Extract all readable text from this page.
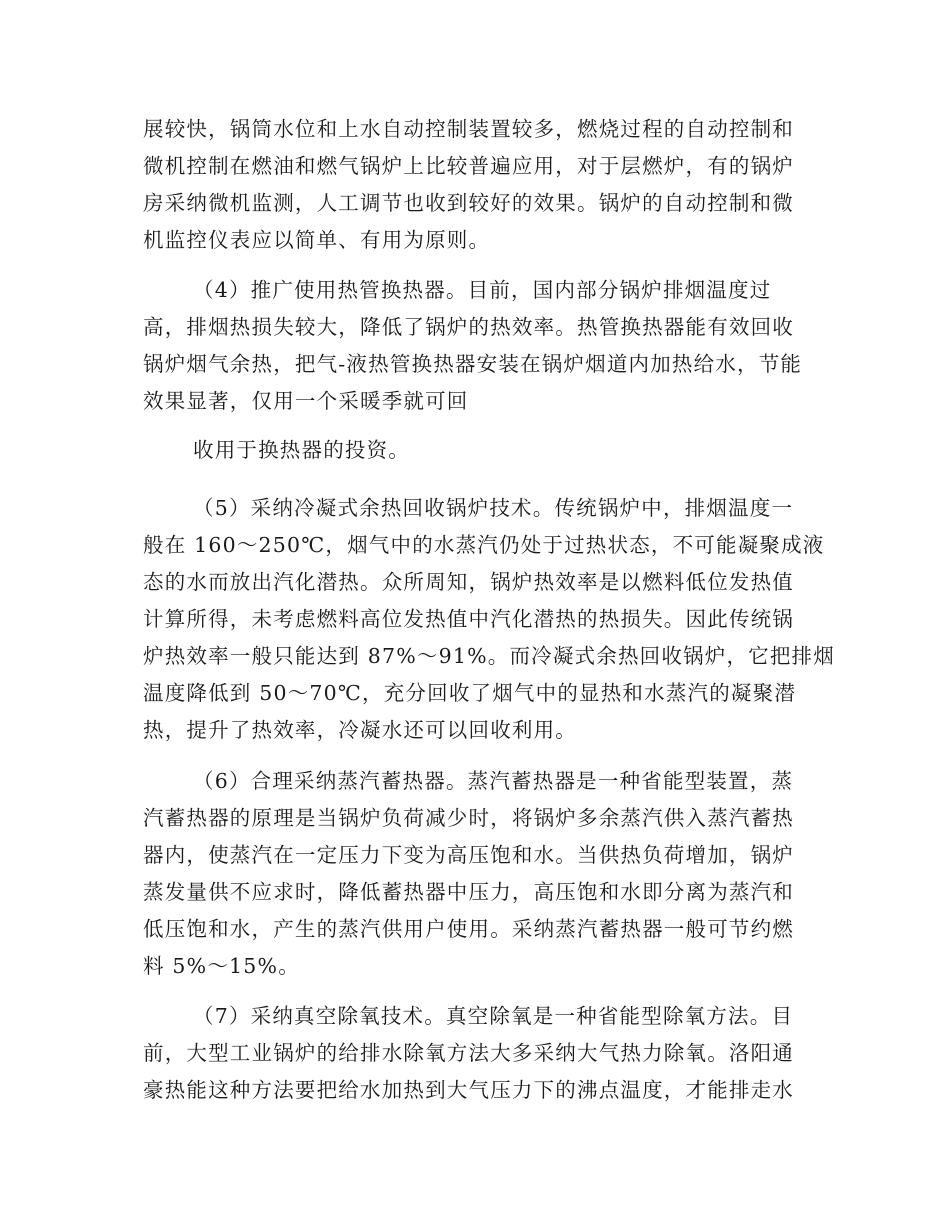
展较快，锅筒水位和上水自动控制装置较多，燃烧过程的自动控制和
微机控制在燃油和燃气锅炉上比较普遍应用，对于层燃炉，有的锅炉
房采纳微机监测，人工调节也收到较好的效果。锅炉的自动控制和微
机监控仪表应以简单、有用为原则。
（4）推广使用热管换热器。目前，国内部分锅炉排烟温度过
高，排烟热损失较大，降低了锅炉的热效率。热管换热器能有效回收
锅炉烟气余热，把气-液热管换热器安装在锅炉烟道内加热给水，节能
效果显著，仅用一个采暖季就可回
收用于换热器的投资。
（5）采纳冷凝式余热回收锅炉技术。传统锅炉中，排烟温度一
般在 160～250℃，烟气中的水蒸汽仍处于过热状态，不可能凝聚成液
态的水而放出汽化潜热。众所周知，锅炉热效率是以燃料低位发热值
计算所得，未考虑燃料高位发热值中汽化潜热的热损失。因此传统锅
炉热效率一般只能达到 87%～91%。而冷凝式余热回收锅炉，它把排烟
温度降低到 50～70℃，充分回收了烟气中的显热和水蒸汽的凝聚潜
热，提升了热效率，冷凝水还可以回收利用。
（6）合理采纳蒸汽蓄热器。蒸汽蓄热器是一种省能型装置，蒸
汽蓄热器的原理是当锅炉负荷减少时，将锅炉多余蒸汽供入蒸汽蓄热
器内，使蒸汽在一定压力下变为高压饱和水。当供热负荷增加，锅炉
蒸发量供不应求时，降低蓄热器中压力，高压饱和水即分离为蒸汽和
低压饱和水，产生的蒸汽供用户使用。采纳蒸汽蓄热器一般可节约燃
料 5%～15%。
（7）采纳真空除氧技术。真空除氧是一种省能型除氧方法。目
前，大型工业锅炉的给排水除氧方法大多采纳大气热力除氧。洛阳通
豪热能这种方法要把给水加热到大气压力下的沸点温度，才能排走水
